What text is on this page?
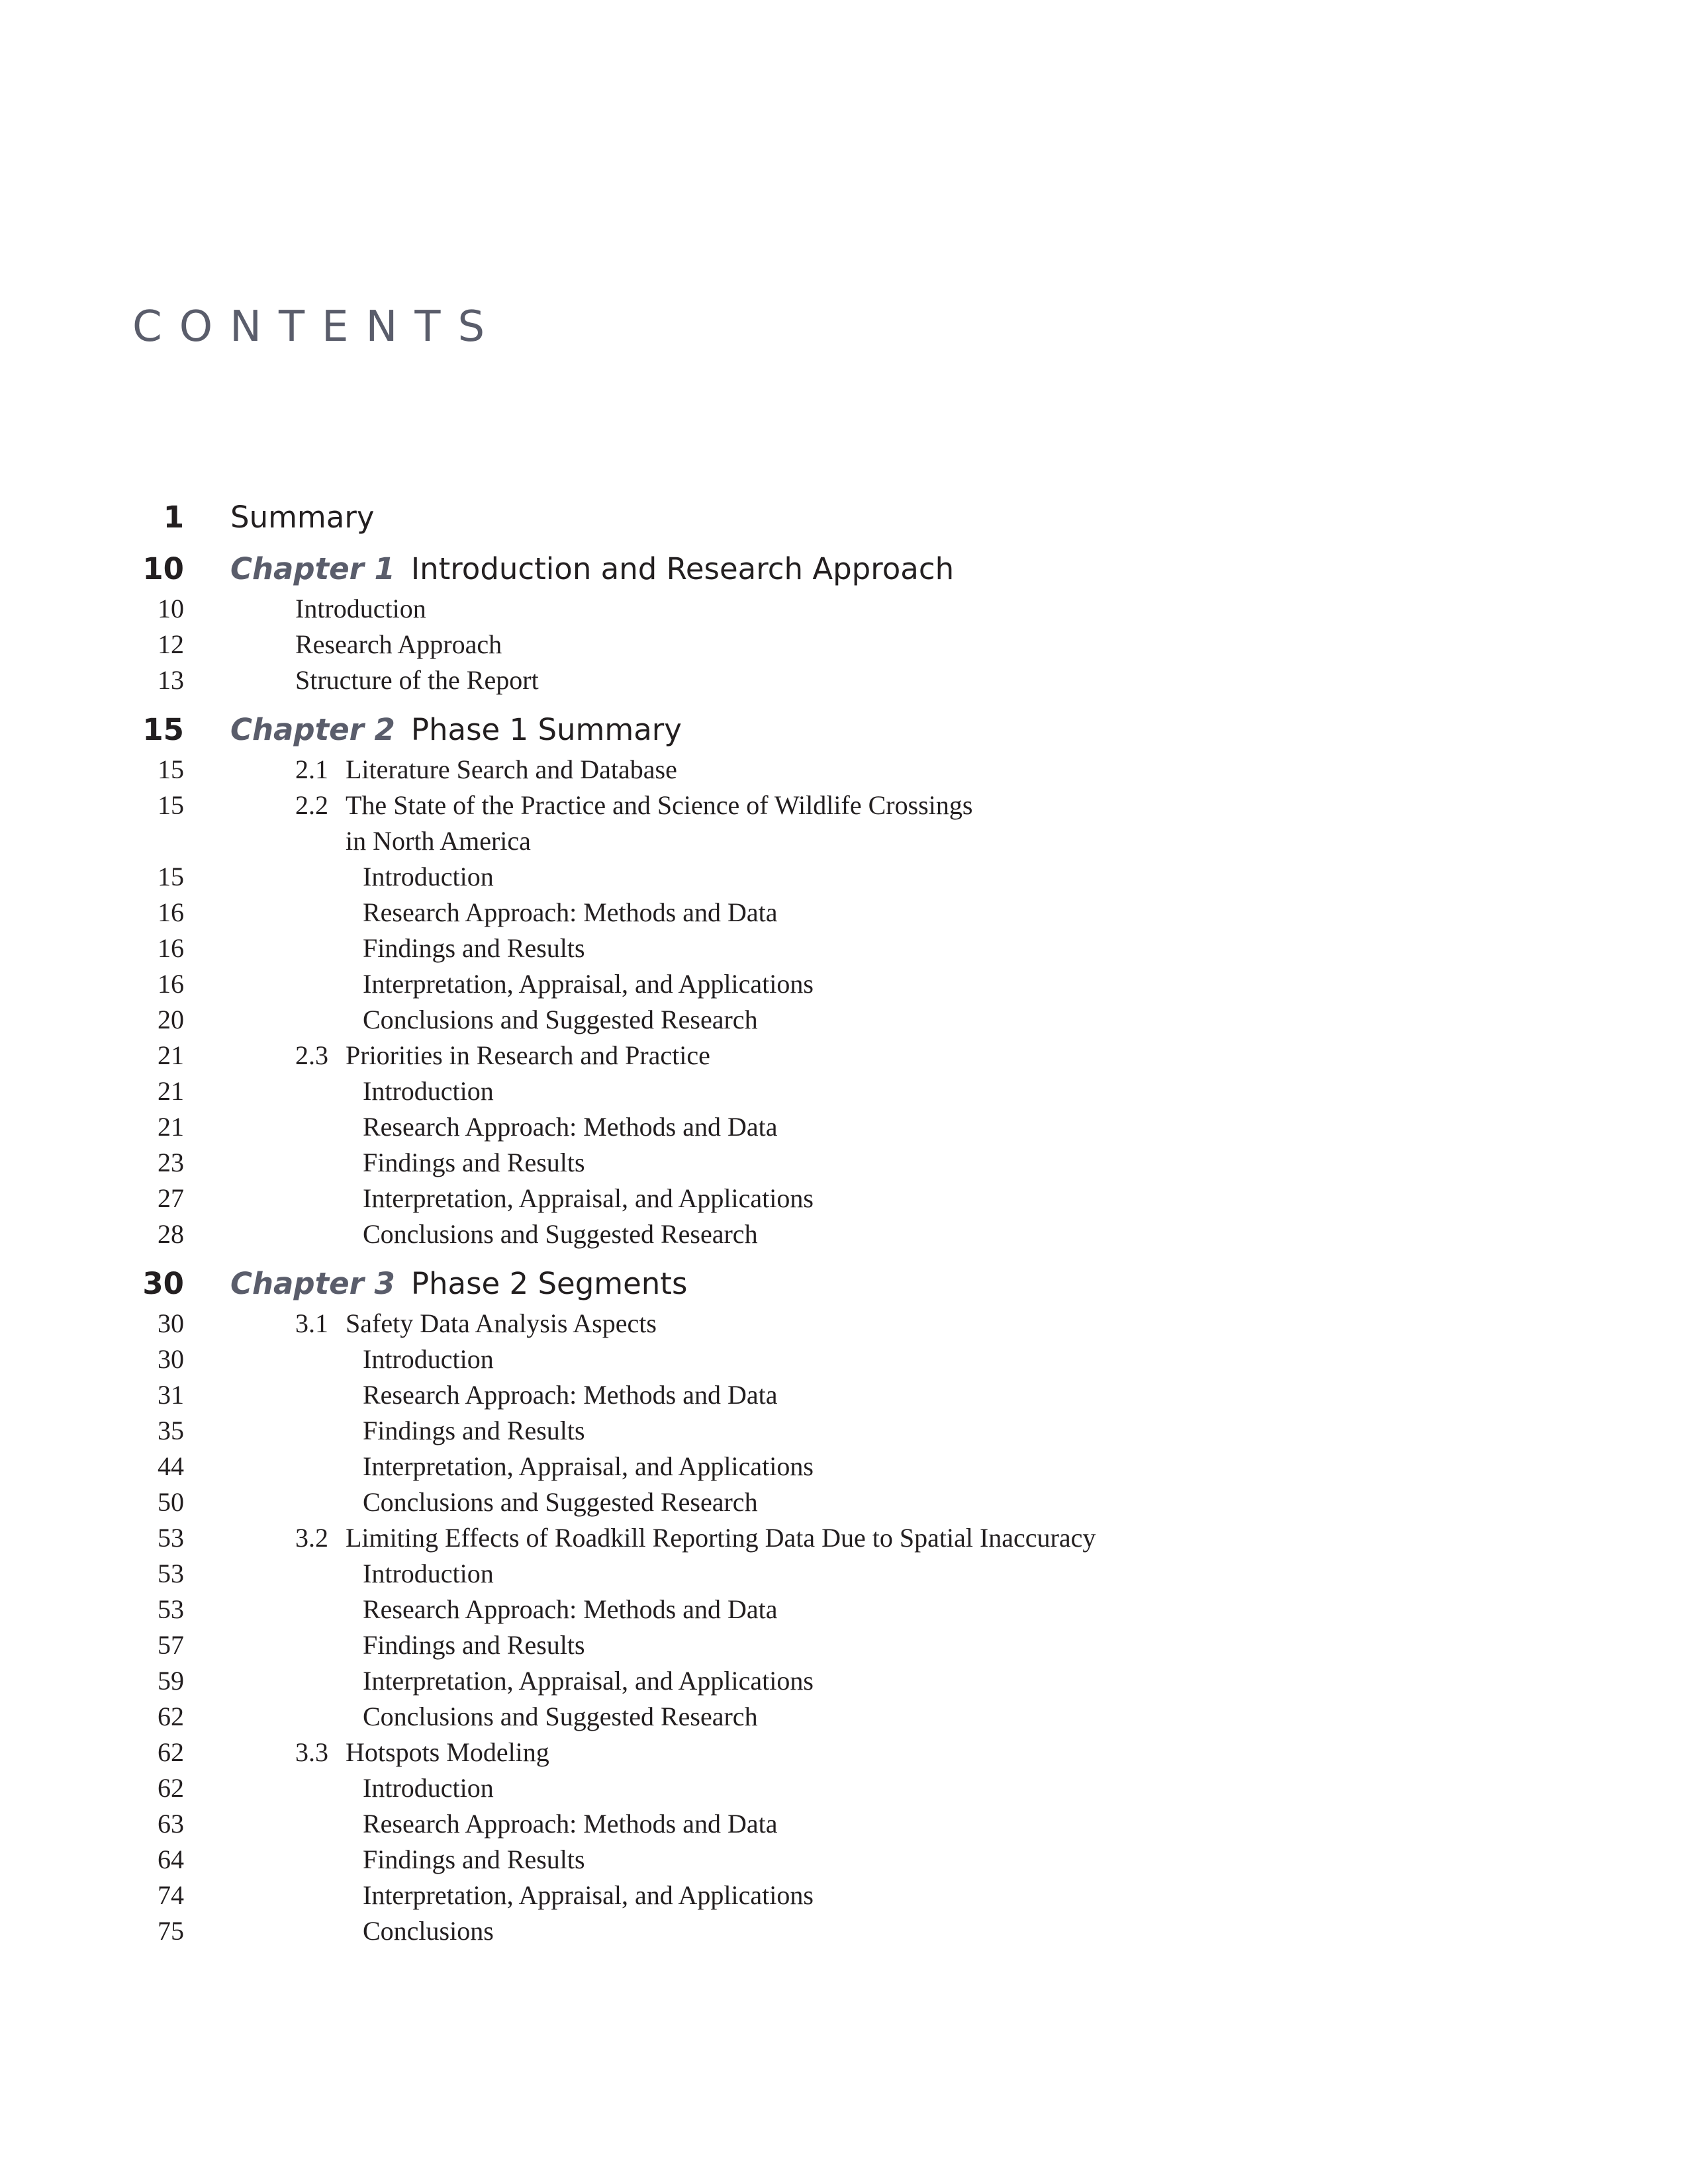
CONTENTS
1 Summary
10 Chapter 1 Introduction and Research Approach
10	Introduction
12	Research Approach
13	Structure of the Report
15 Chapter 2 Phase 1 Summary
15	2.1 Literature Search and Database
15	2.2 The State of the Practice and Science of Wildlife Crossings
in North America
15	Introduction
16	Research Approach: Methods and Data
16	Findings and Results
16	Interpretation, Appraisal, and Applications
20	Conclusions and Suggested Research
21	2.3 Priorities in Research and Practice
21	Introduction
21	Research Approach: Methods and Data
23	Findings and Results
27	Interpretation, Appraisal, and Applications
28	Conclusions and Suggested Research
30 Chapter 3 Phase 2 Segments
30	3.1 Safety Data Analysis Aspects
30	Introduction
31	Research Approach: Methods and Data
35	Findings and Results
44	Interpretation, Appraisal, and Applications
50	Conclusions and Suggested Research
53	3.2 Limiting Effects of Roadkill Reporting Data Due to Spatial Inaccuracy
53	Introduction
53	Research Approach: Methods and Data
57	Findings and Results
59	Interpretation, Appraisal, and Applications
62	Conclusions and Suggested Research
62	3.3 Hotspots Modeling
62	Introduction
63	Research Approach: Methods and Data
64	Findings and Results
74	Interpretation, Appraisal, and Applications
75	Conclusions
